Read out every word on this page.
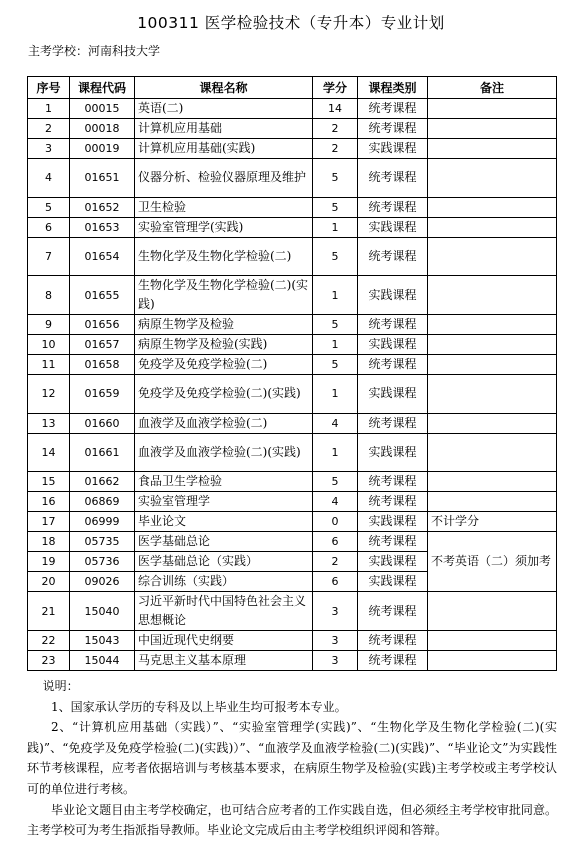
100311 医学检验技术（专升本）专业计划
主考学校：河南科技大学
序号	课程代码	课程名称	学分	课程类别	备注
1	00015	英语(二)	14	统考课程	
2	00018	计算机应用基础	2	统考课程	
3	00019	计算机应用基础(实践)	2	实践课程	
4	01651	仪器分析、检验仪器原理及维护	5	统考课程	
5	01652	卫生检验	5	统考课程	
6	01653	实验室管理学(实践)	1	实践课程	
7	01654	生物化学及生物化学检验(二)	5	统考课程	
8	01655	生物化学及生物化学检验(二)(实践)	1	实践课程	
9	01656	病原生物学及检验	5	统考课程	
10	01657	病原生物学及检验(实践)	1	实践课程	
11	01658	免疫学及免疫学检验(二)	5	统考课程	
12	01659	免疫学及免疫学检验(二)(实践)	1	实践课程	
13	01660	血液学及血液学检验(二)	4	统考课程	
14	01661	血液学及血液学检验(二)(实践)	1	实践课程	
15	01662	食品卫生学检验	5	统考课程	
16	06869	实验室管理学	4	统考课程	
17	06999	毕业论文	0	实践课程	不计学分
18	05735	医学基础总论	6	统考课程	不考英语（二）须加考
19	05736	医学基础总论（实践）	2	实践课程	
20	09026	综合训练（实践）	6	实践课程	
21	15040	习近平新时代中国特色社会主义思想概论	3	统考课程	
22	15043	中国近现代史纲要	3	统考课程	
23	15044	马克思主义基本原理	3	统考课程	

说明：

1、国家承认学历的专科及以上毕业生均可报考本专业。

2、“计算机应用基础（实践）”、“实验室管理学(实践)”、“生物化学及生物化学检验(二)(实践)”、“免疫学及免疫学检验(二)(实践)）”、“血液学及血液学检验(二)(实践)”、“毕业论文”为实践性环节考核课程，应考者依据培训与考核基本要求，在病原生物学及检验(实践)主考学校或主考学校认可的单位进行考核。

毕业论文题目由主考学校确定，也可结合应考者的工作实践自选，但必须经主考学校审批同意。主考学校可为考生指派指导教师。毕业论文完成后由主考学校组织评阅和答辩。
